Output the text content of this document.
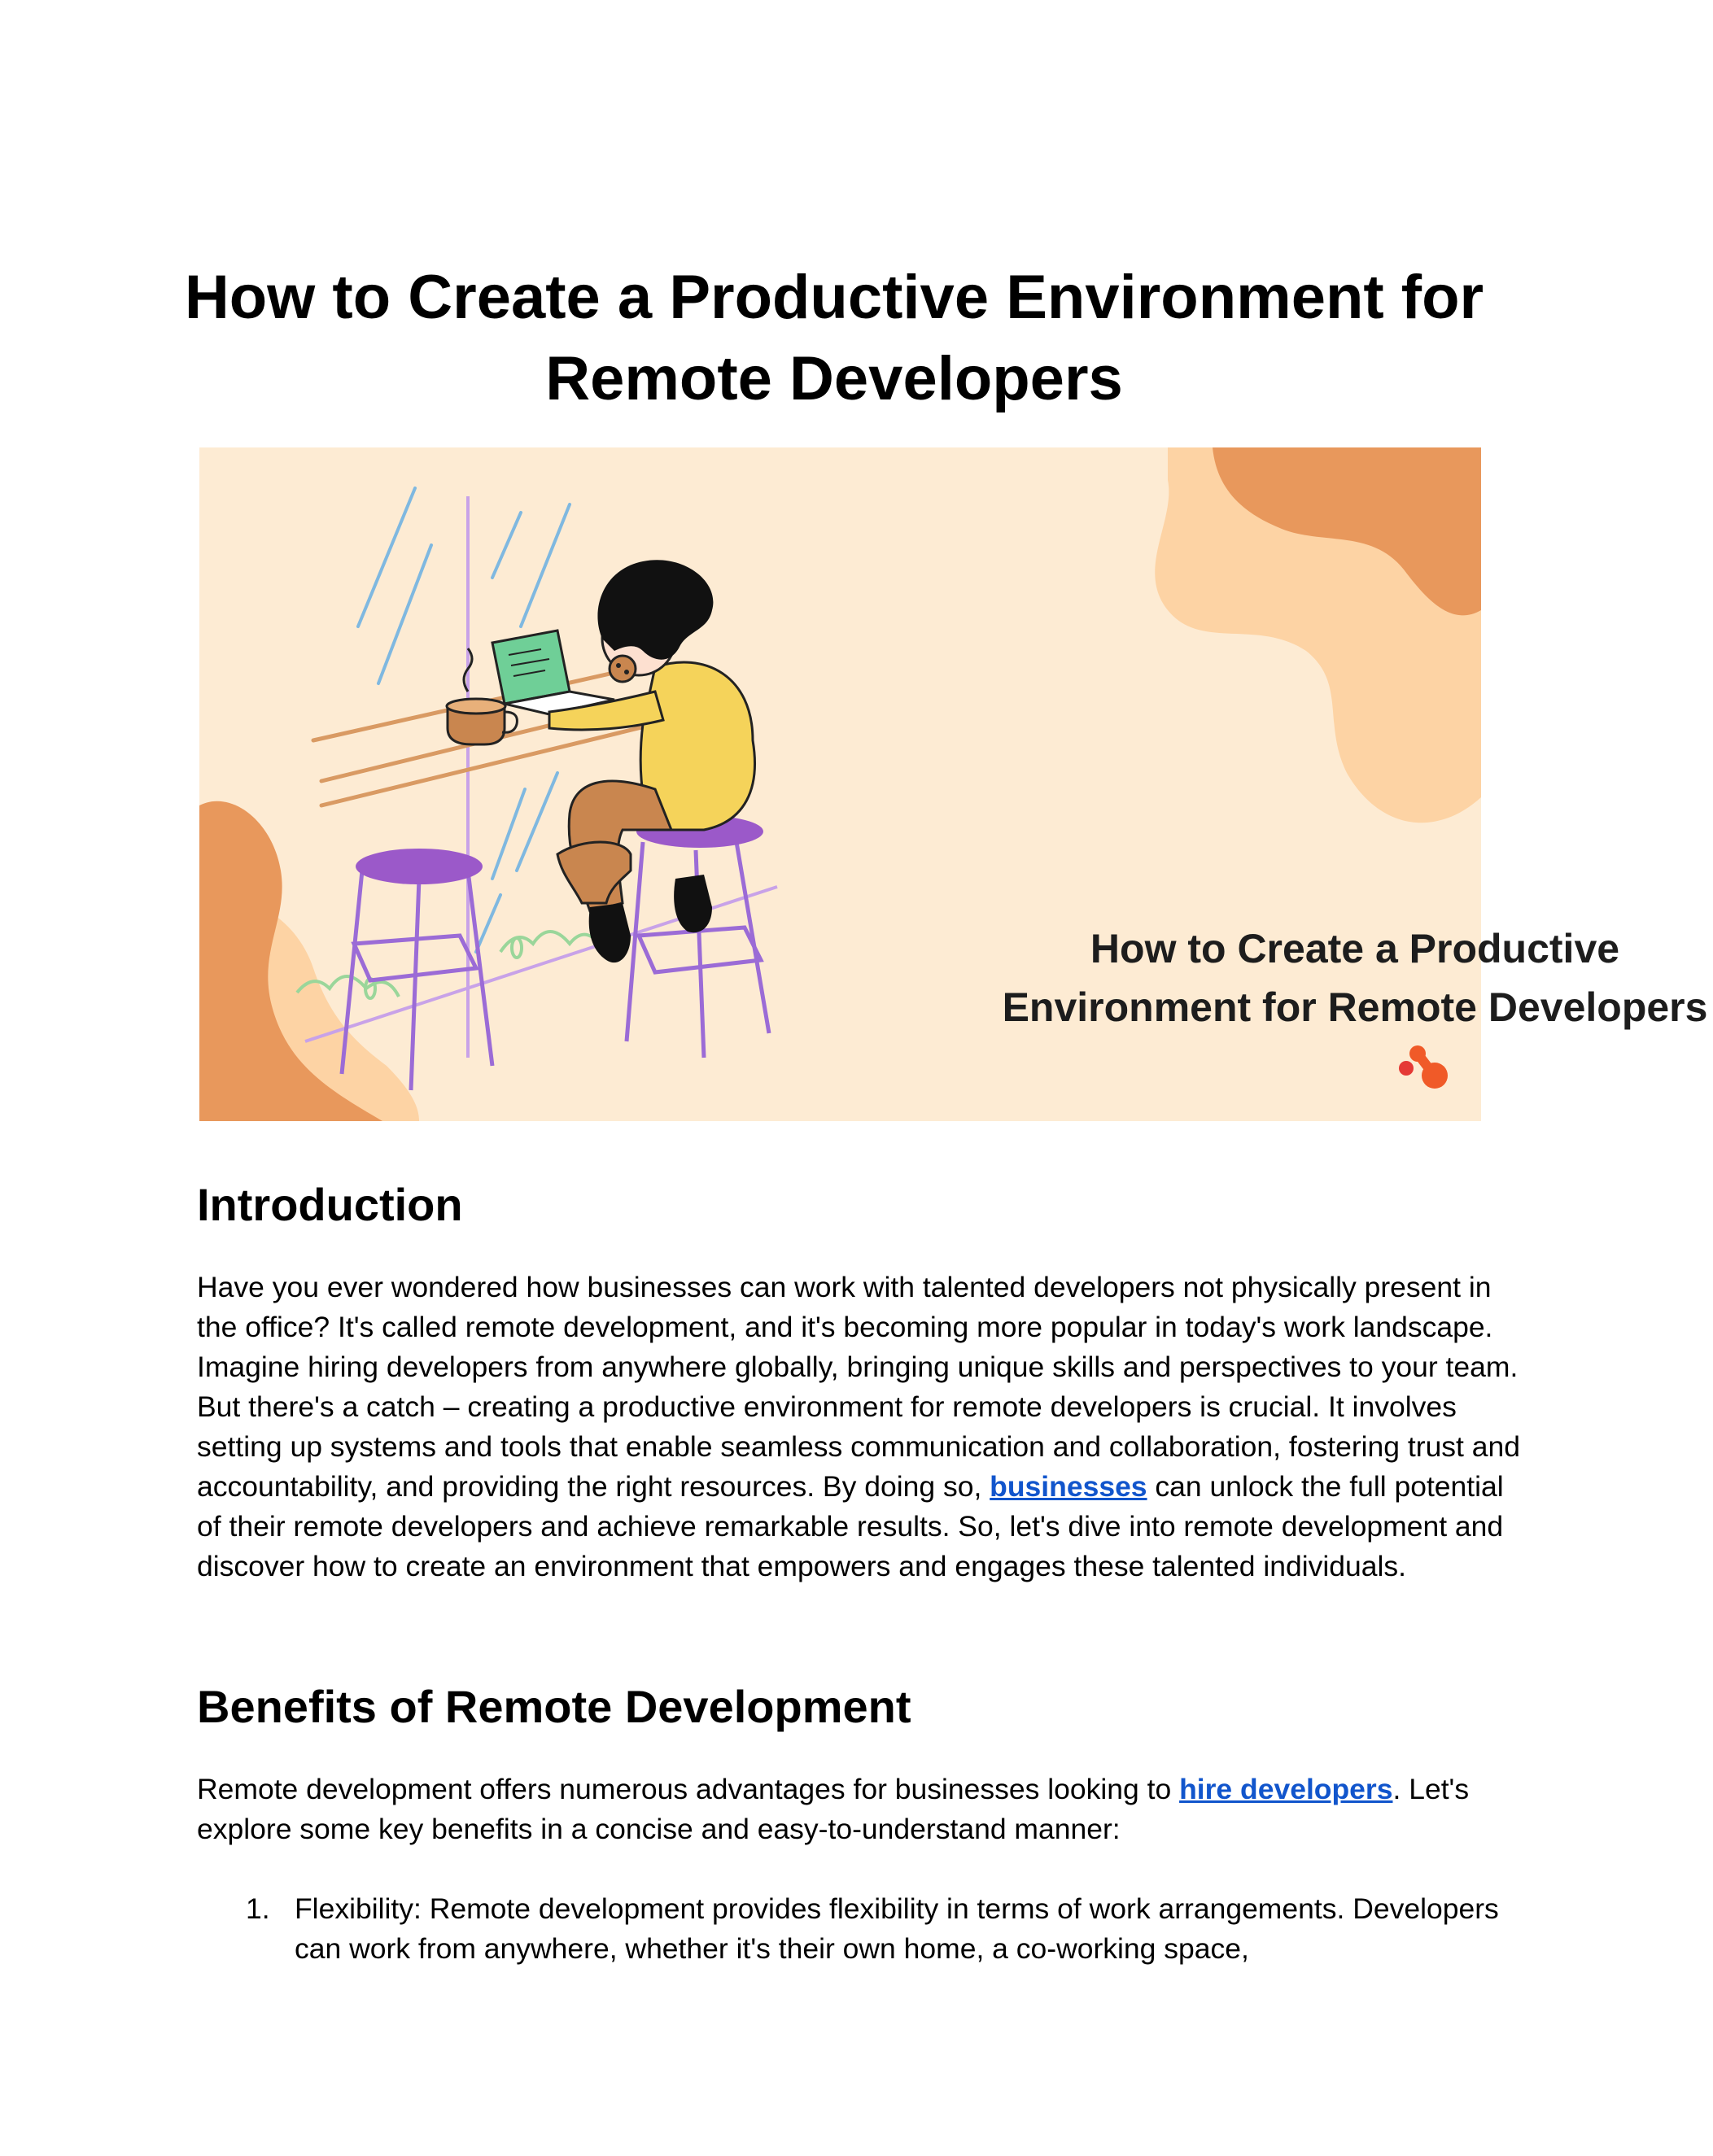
How to Create a Productive Environment for Remote Developers

How to Create a Productive Environment for Remote Developers

Introduction

Have you ever wondered how businesses can work with talented developers not physically present in the office? It's called remote development, and it's becoming more popular in today's work landscape. Imagine hiring developers from anywhere globally, bringing unique skills and perspectives to your team. But there's a catch – creating a productive environment for remote developers is crucial. It involves setting up systems and tools that enable seamless communication and collaboration, fostering trust and accountability, and providing the right resources. By doing so, businesses can unlock the full potential of their remote developers and achieve remarkable results. So, let's dive into remote development and discover how to create an environment that empowers and engages these talented individuals.

Benefits of Remote Development

Remote development offers numerous advantages for businesses looking to hire developers. Let's explore some key benefits in a concise and easy-to-understand manner:

1. Flexibility: Remote development provides flexibility in terms of work arrangements. Developers can work from anywhere, whether it's their own home, a co-working space,
